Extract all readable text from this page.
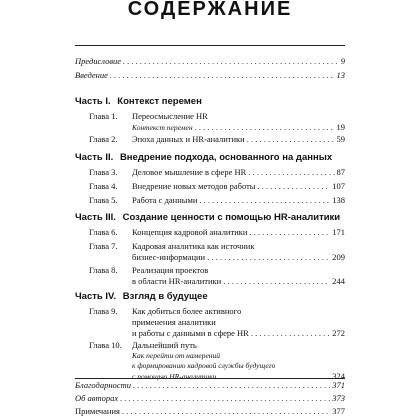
СОДЕРЖАНИЕ
Предисловие . . .	9
Введение . . .	13
Часть I. Контекст перемен
Глава 1. Переосмысление HR
Контекст перемен . . .	19
Глава 2. Эпоха данных и HR-аналитики . . .	59
Часть II. Внедрение подхода, основанного на данных
Глава 3. Деловое мышление в сфере HR . . .	87
Глава 4. Внедрение новых методов работы . . .	107
Глава 5. Работа с данными . . .	138
Часть III. Создание ценности с помощью HR-аналитики
Глава 6. Концепция кадровой аналитики . . .	171
Глава 7. Кадровая аналитика как источник
бизнес-информации . . .	209
Глава 8. Реализация проектов
в области HR-аналитики . . .	244
Часть IV. Взгляд в будущее
Глава 9. Как добиться более активного
применения аналитики
и работы с данными в сфере HR . . .	272
Глава 10. Дальнейший путь
Как перейти от намерений
к формированию кадровой службы будущего
с помощью HR-аналитики . . .	324
Благодарности . . .	371
Об авторах . . .	373
Примечания . . .	377
